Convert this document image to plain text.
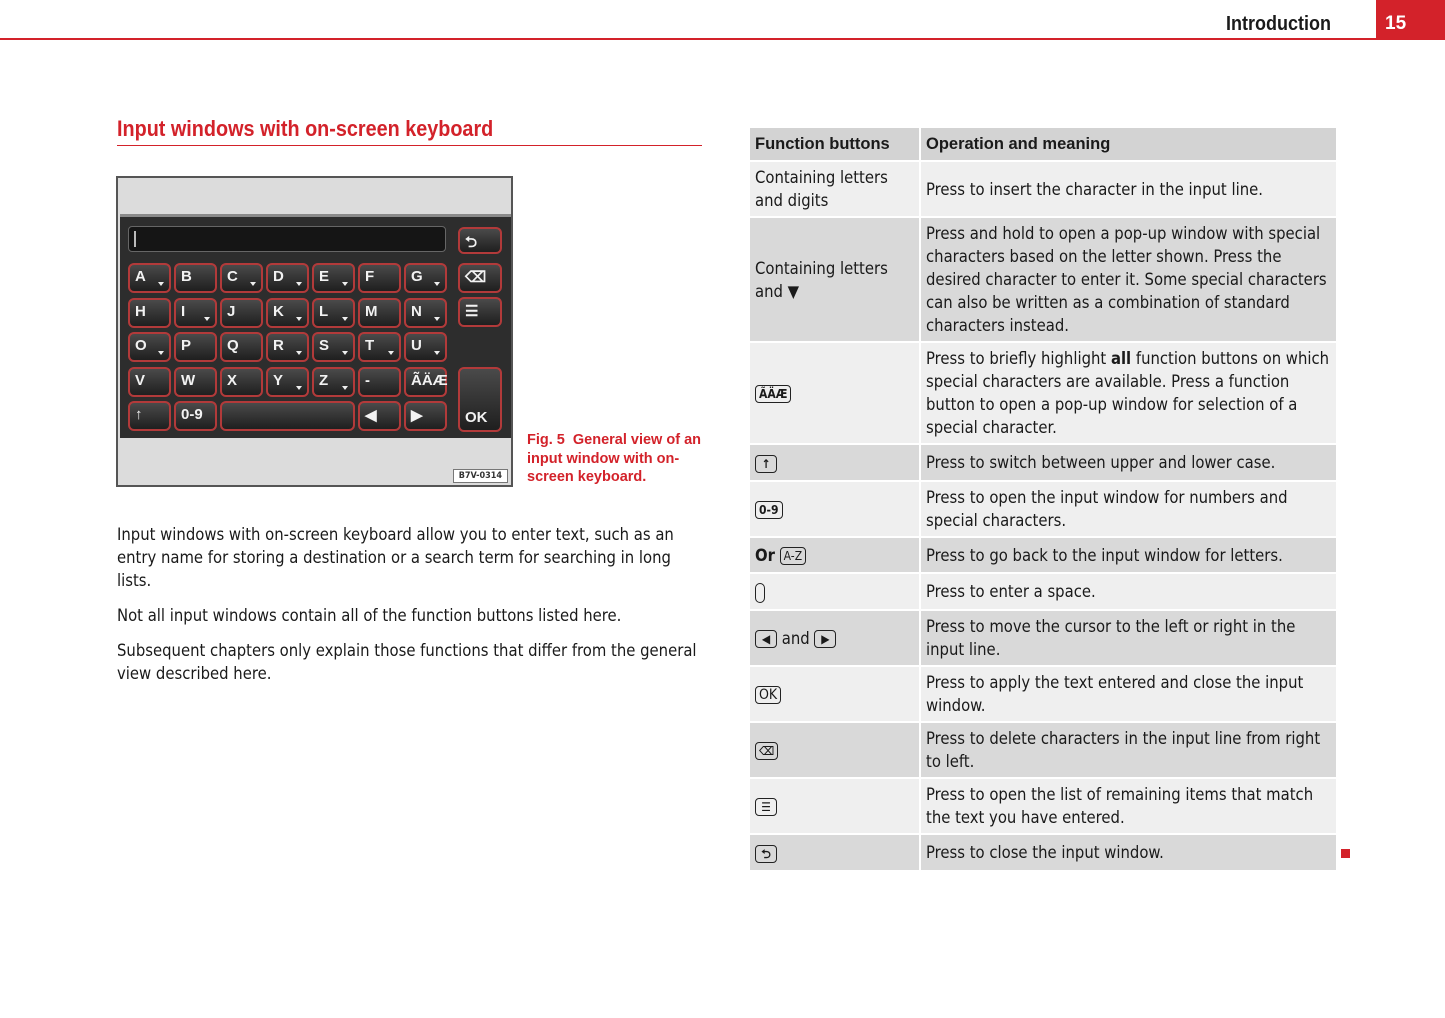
Introduction	15
Input windows with on-screen keyboard
A	B	C	D	E	F	G
H	I	J	K	L	M	N
O	P	Q	R	S	T	U
V	W	X	Y	Z	-	ÃÄÆ
⮌
⌫
☰
OK
↑	0-9	◀	▶
B7V-0314
Fig. 5 General view of an input window with on-screen keyboard.

Input windows with on-screen keyboard allow you to enter text, such as an entry name for storing a destination or a search term for searching in long lists.

Not all input windows contain all of the function buttons listed here.

Subsequent chapters only explain those functions that differ from the general view described here.

Function buttons	Operation and meaning
Containing letters and digits	Press to insert the character in the input line.
Containing letters and ▼	Press and hold to open a pop-up window with special characters based on the letter shown. Press the desired character to enter it. Some special characters can also be written as a combination of standard characters instead.
ÃÄÆ	Press to briefly highlight all function buttons on which special characters are available. Press a function button to open a pop-up window for selection of a special character.
↑	Press to switch between upper and lower case.
0-9	Press to open the input window for numbers and special characters.
Or A-Z	Press to go back to the input window for letters.
	Press to enter a space.
◀ and ▶	Press to move the cursor to the left or right in the input line.
OK	Press to apply the text entered and close the input window.
⌫	Press to delete characters in the input line from right to left.
☰	Press to open the list of remaining items that match the text you have entered.
⮌	Press to close the input window.
